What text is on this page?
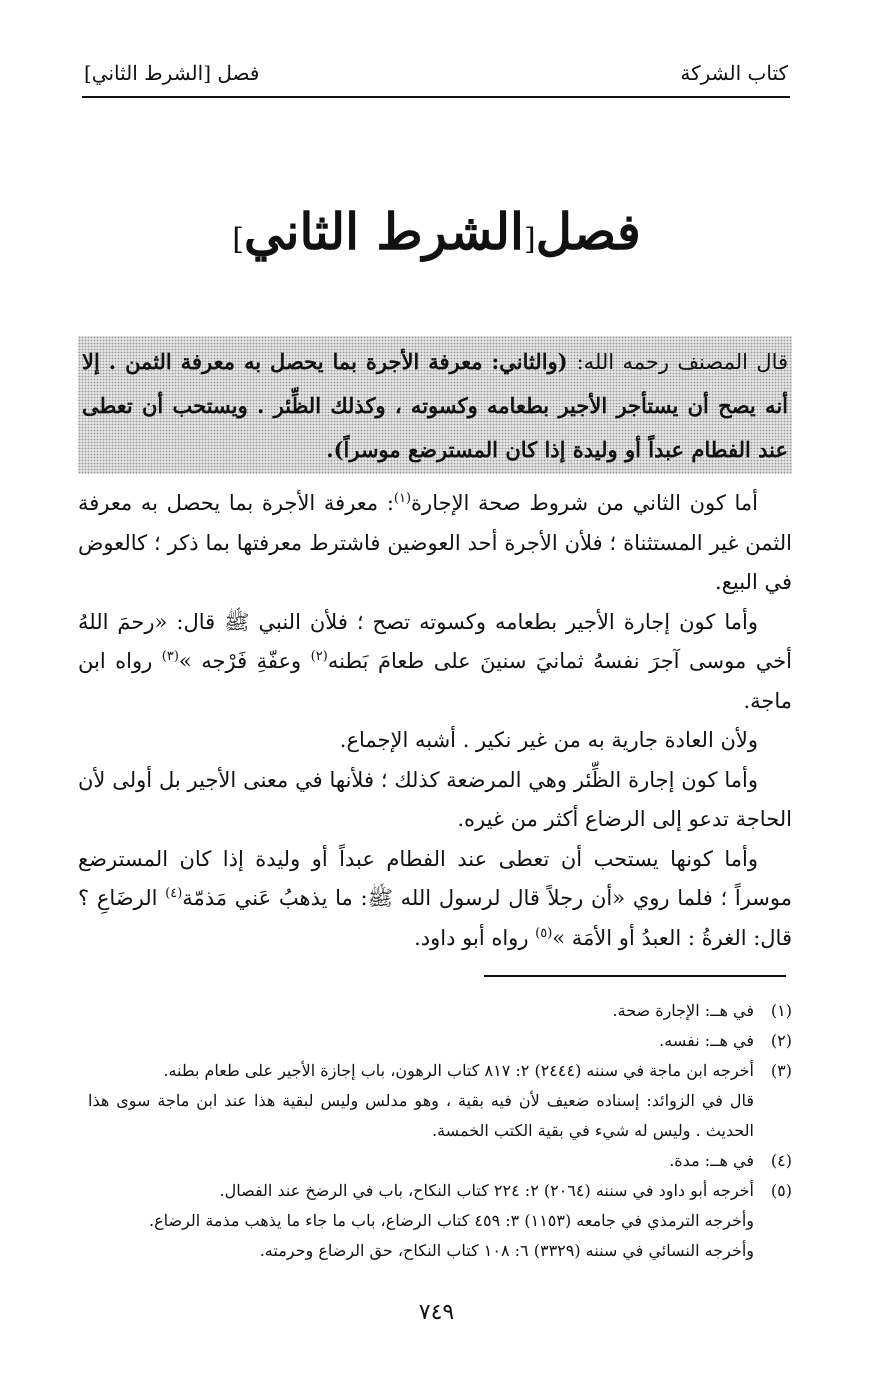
كتاب الشركة
فصل [الشرط الثاني]
فصل[الشرط الثاني]
قال المصنف رحمه الله: (والثاني: معرفة الأجرة بما يحصل به معرفة الثمن . إلا أنه يصح أن يستأجر الأجير بطعامه وكسوته ، وكذلك الظِّئر . ويستحب أن تعطى عند الفطام عبداً أو وليدة إذا كان المسترضع موسراً).

أما كون الثاني من شروط صحة الإجارة$^{(١)}$: معرفة الأجرة بما يحصل به معرفة الثمن غير المستثناة ؛ فلأن الأجرة أحد العوضين فاشترط معرفتها بما ذكر ؛ كالعوض في البيع.

وأما كون إجارة الأجير بطعامه وكسوته تصح ؛ فلأن النبي ﷺ قال: «رحمَ اللهُ أخي موسى آجرَ نفسهُ ثمانيَ سنينَ على طعامَ بَطنه$^{(٢)}$ وعفّةِ فَرْجه »$^{(٣)}$ رواه ابن ماجة.

ولأن العادة جارية به من غير نكير . أشبه الإجماع.

وأما كون إجارة الظِّئر وهي المرضعة كذلك ؛ فلأنها في معنى الأجير بل أولى لأن الحاجة تدعو إلى الرضاع أكثر من غيره.

وأما كونها يستحب أن تعطى عند الفطام عبداً أو وليدة إذا كان المسترضع موسراً ؛ فلما روي «أن رجلاً قال لرسول الله ﷺ: ما يذهبُ عَني مَذمّة$^{(٤)}$ الرضَاعِ ؟ قال: الغرةُ : العبدُ أو الأمَة »$^{(٥)}$ رواه أبو داود.

(١)
في هــ: الإجارة صحة.
(٢)
في هــ: نفسه.
(٣)
أخرجه ابن ماجة في سننه (٢٤٤٤) ٢: ٨١٧ كتاب الرهون، باب إجازة الأجير على طعام بطنه.
قال في الزوائد: إسناده ضعيف لأن فيه بقية ، وهو مدلس وليس لبقية هذا عند ابن ماجة سوى هذا الحديث . وليس له شيء في بقية الكتب الخمسة.
(٤)
في هــ: مدة.
(٥)
أخرجه أبو داود في سننه (٢٠٦٤) ٢: ٢٢٤ كتاب النكاح، باب في الرضخ عند الفصال.
وأخرجه الترمذي في جامعه (١١٥٣) ٣: ٤٥٩ كتاب الرضاع، باب ما جاء ما يذهب مذمة الرضاع.
وأخرجه النسائي في سننه (٣٣٢٩) ٦: ١٠٨ كتاب النكاح، حق الرضاع وحرمته.
٧٤٩
